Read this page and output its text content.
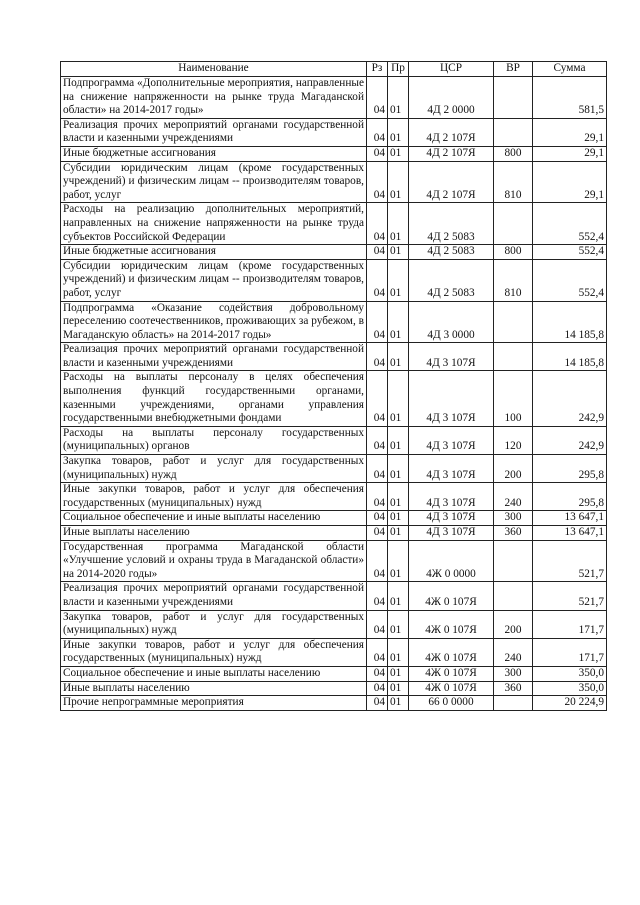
Наименование	Рз	Пр	ЦСР	ВР	Сумма
Подпрограмма «Дополнительные мероприятия, направленные на снижение напряженности на рынке труда Магаданской области» на 2014-2017 годы»	04	01	4Д 2 0000		581,5
Реализация прочих мероприятий органами государственной власти и казенными учреждениями	04	01	4Д 2 107Я		29,1
Иные бюджетные ассигнования	04	01	4Д 2 107Я	800	29,1
Субсидии юридическим лицам (кроме государственных учреждений) и физическим лицам -- производителям товаров, работ, услуг	04	01	4Д 2 107Я	810	29,1
Расходы на реализацию дополнительных мероприятий, направленных на снижение напряженности на рынке труда субъектов Российской Федерации	04	01	4Д 2 5083		552,4
Иные бюджетные ассигнования	04	01	4Д 2 5083	800	552,4
Субсидии юридическим лицам (кроме государственных учреждений) и физическим лицам -- производителям товаров, работ, услуг	04	01	4Д 2 5083	810	552,4
Подпрограмма «Оказание содействия добровольному переселению соотечественников, проживающих за рубежом, в Магаданскую область» на 2014-2017 годы»	04	01	4Д 3 0000		14 185,8
Реализация прочих мероприятий органами государственной власти и казенными учреждениями	04	01	4Д 3 107Я		14 185,8
Расходы на выплаты персоналу в целях обеспечения выполнения функций государственными органами, казенными учреждениями, органами управления государственными внебюджетными фондами	04	01	4Д 3 107Я	100	242,9
Расходы на выплаты персоналу государственных (муниципальных) органов	04	01	4Д 3 107Я	120	242,9
Закупка товаров, работ и услуг для государственных (муниципальных) нужд	04	01	4Д 3 107Я	200	295,8
Иные закупки товаров, работ и услуг для обеспечения государственных (муниципальных) нужд	04	01	4Д 3 107Я	240	295,8
Социальное обеспечение и иные выплаты населению	04	01	4Д 3 107Я	300	13 647,1
Иные выплаты населению	04	01	4Д 3 107Я	360	13 647,1
Государственная программа Магаданской области «Улучшение условий и охраны труда в Магаданской области» на 2014-2020 годы»	04	01	4Ж 0 0000		521,7
Реализация прочих мероприятий органами государственной власти и казенными учреждениями	04	01	4Ж 0 107Я		521,7
Закупка товаров, работ и услуг для государственных (муниципальных) нужд	04	01	4Ж 0 107Я	200	171,7
Иные закупки товаров, работ и услуг для обеспечения государственных (муниципальных) нужд	04	01	4Ж 0 107Я	240	171,7
Социальное обеспечение и иные выплаты населению	04	01	4Ж 0 107Я	300	350,0
Иные выплаты населению	04	01	4Ж 0 107Я	360	350,0
Прочие непрограммные мероприятия	04	01	66 0 0000		20 224,9
